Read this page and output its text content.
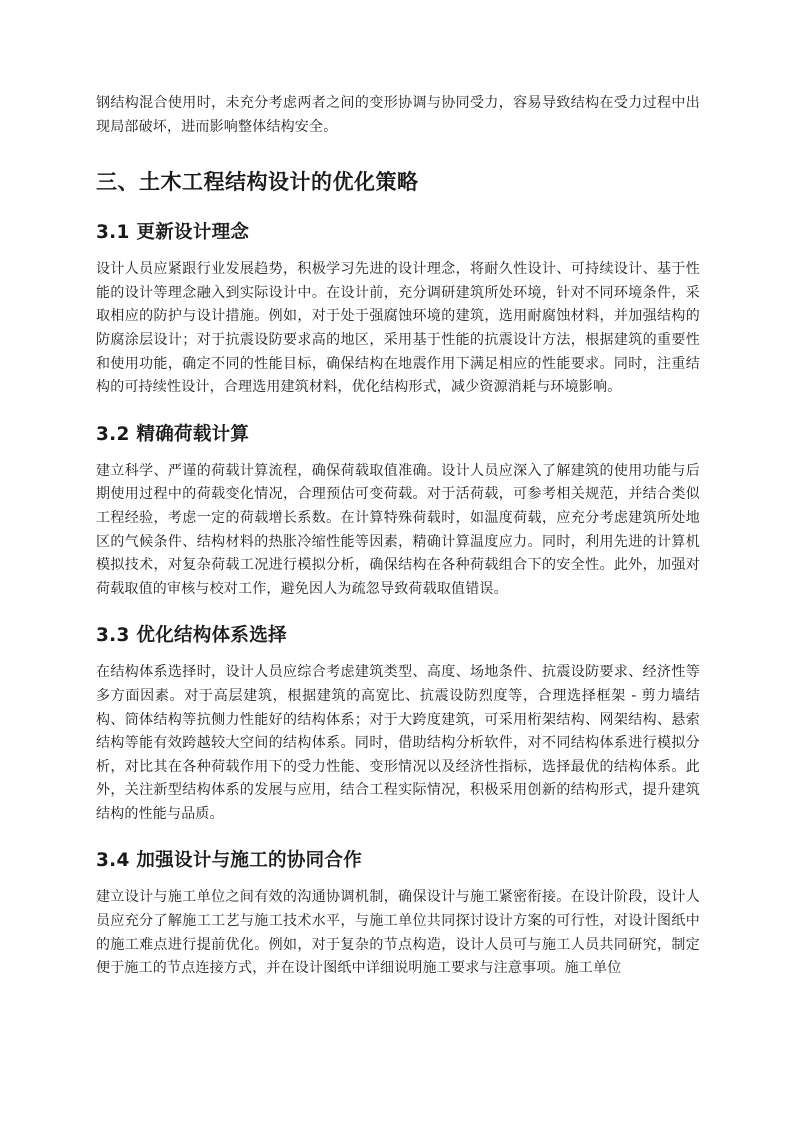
钢结构混合使用时，未充分考虑两者之间的变形协调与协同受力，容易导致结构在受力过程中出现局部破坏，进而影响整体结构安全。

三、土木工程结构设计的优化策略
3.1 更新设计理念

设计人员应紧跟行业发展趋势，积极学习先进的设计理念，将耐久性设计、可持续设计、基于性能的设计等理念融入到实际设计中。在设计前，充分调研建筑所处环境，针对不同环境条件，采取相应的防护与设计措施。例如，对于处于强腐蚀环境的建筑，选用耐腐蚀材料，并加强结构的防腐涂层设计；对于抗震设防要求高的地区，采用基于性能的抗震设计方法，根据建筑的重要性和使用功能，确定不同的性能目标，确保结构在地震作用下满足相应的性能要求。同时，注重结构的可持续性设计，合理选用建筑材料，优化结构形式，减少资源消耗与环境影响。

3.2 精确荷载计算

建立科学、严谨的荷载计算流程，确保荷载取值准确。设计人员应深入了解建筑的使用功能与后期使用过程中的荷载变化情况，合理预估可变荷载。对于活荷载，可参考相关规范，并结合类似工程经验，考虑一定的荷载增长系数。在计算特殊荷载时，如温度荷载，应充分考虑建筑所处地区的气候条件、结构材料的热胀冷缩性能等因素，精确计算温度应力。同时，利用先进的计算机模拟技术，对复杂荷载工况进行模拟分析，确保结构在各种荷载组合下的安全性。此外，加强对荷载取值的审核与校对工作，避免因人为疏忽导致荷载取值错误。

3.3 优化结构体系选择

在结构体系选择时，设计人员应综合考虑建筑类型、高度、场地条件、抗震设防要求、经济性等多方面因素。对于高层建筑，根据建筑的高宽比、抗震设防烈度等，合理选择框架 - 剪力墙结构、筒体结构等抗侧力性能好的结构体系；对于大跨度建筑，可采用桁架结构、网架结构、悬索结构等能有效跨越较大空间的结构体系。同时，借助结构分析软件，对不同结构体系进行模拟分析，对比其在各种荷载作用下的受力性能、变形情况以及经济性指标，选择最优的结构体系。此外，关注新型结构体系的发展与应用，结合工程实际情况，积极采用创新的结构形式，提升建筑结构的性能与品质。

3.4 加强设计与施工的协同合作

建立设计与施工单位之间有效的沟通协调机制，确保设计与施工紧密衔接。在设计阶段，设计人员应充分了解施工工艺与施工技术水平，与施工单位共同探讨设计方案的可行性，对设计图纸中的施工难点进行提前优化。例如，对于复杂的节点构造，设计人员可与施工人员共同研究，制定便于施工的节点连接方式，并在设计图纸中详细说明施工要求与注意事项。施工单位
